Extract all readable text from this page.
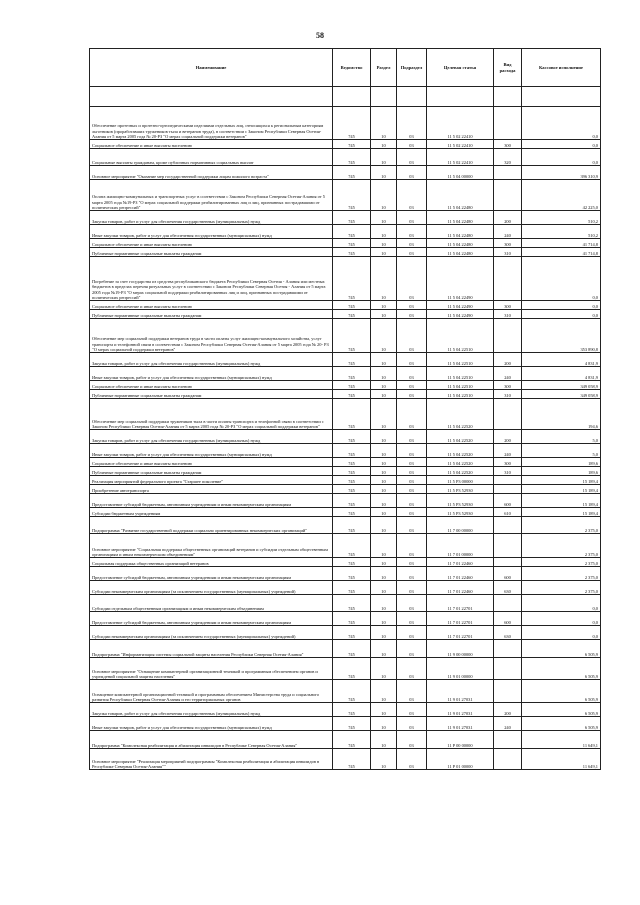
58
Наименование	Ведомство	Раздел	Подраздел	Целевая статья	Вид расхода	Кассовое исполнение

Обеспечение протезных и протезно-ортопедическими изделиями отдельных лиц, относящихся к региональным категориям льготников (проработавших тружеников тыла и ветеранов труда), в соответствии с Законом Республики Северная Осетия-Алания от 5 марта 2005 года № 20-РЗ "О мерах социальной поддержки ветеранов"	745	10	03	11 5 02 22410		0,0
Социальное обеспечение и иные выплаты населению	745	10	03	11 5 02 22410	300	0,0
Социальные выплаты гражданам, кроме публичных нормативных социальных выплат	745	10	03	11 5 02 22410	320	0,0
Основное мероприятие "Оказание мер государственной поддержки лицам пожилого возраста"	745	10	03	11 5 04 00000		396 310,9
Оплата жилищно-коммунальных и транспортных услуг в соответствии с Законом Республики Северная Осетия-Алания от 5 марта 2005 года №19-РЗ "О мерах социальной поддержки реабилитированных лиц и лиц, признанных пострадавшими от политических репрессий"	745	10	03	11 5 04 22480		42 225,0
Закупка товаров, работ и услуг для обеспечения государственных (муниципальных) нужд	745	10	03	11 5 04 22480	200	510,2
Иные закупки товаров, работ и услуг для обеспечения государственных (муниципальных) нужд	745	10	03	11 5 04 22480	240	510,2
Социальное обеспечение и иные выплаты населению	745	10	03	11 5 04 22480	300	41 714,8
Публичные нормативные социальные выплаты гражданам	745	10	03	11 5 04 22480	310	41 714,8
Погребение за счет государства из средства республиканского бюджета Республики Северная Осетия - Алания или местных бюджетов в пределах перечня ритуальных услуг в соответствии с Законом Республики Северная Осетия - Алания от 5 марта 2005 года №19-РЗ "О мерах социальной поддержки реабилитированных лиц и лиц, признанных пострадавшими от политических репрессий"	745	10	03	11 5 04 22490		0,0
Социальное обеспечение и иные выплаты населению	745	10	03	11 5 04 22490	300	0,0
Публичные нормативные социальные выплаты гражданам	745	10	03	11 5 04 22490	310	0,0
Обеспечение мер социальной поддержки ветеранов труда в части оплаты услуг жилищно-коммунального хозяйства, услуг транспорта и телефонной связи в соответствии с Законом Республики Северная Осетия-Алания от 5 марта 2005 года № 20- РЗ "О мерах социальной поддержки ветеранов"	745	10	03	11 5 04 22510		353 890,8
Закупка товаров, работ и услуг для обеспечения государственных (муниципальных) нужд	745	10	03	11 5 04 22510	200	4 831,9
Иные закупки товаров, работ и услуг для обеспечения государственных (муниципальных) нужд	745	10	03	11 5 04 22510	240	4 831,9
Социальное обеспечение и иные выплаты населению	745	10	03	11 5 04 22510	300	349 058,9
Публичные нормативные социальные выплаты гражданам	745	10	03	11 5 04 22510	310	349 058,9
Обеспечение мер социальной поддержки тружеников тыла в части оплаты транспорта и телефонной связи в соответствии с Законом Республики Северная Осетия-Алания от 5 марта 2005 года № 20-РЗ "О мерах социальной поддержки ветеранов"	745	10	03	11 5 04 22520		194,6
Закупка товаров, работ и услуг для обеспечения государственных (муниципальных) нужд	745	10	03	11 5 04 22520	200	5,0
Иные закупки товаров, работ и услуг для обеспечения государственных (муниципальных) нужд	745	10	03	11 5 04 22520	240	5,0
Социальное обеспечение и иные выплаты населению	745	10	03	11 5 04 22520	300	189,6
Публичные нормативные социальные выплаты гражданам	745	10	03	11 5 04 22520	310	189,6
Реализация мероприятий федерального проекта "Старшее поколение"	745	10	03	11 5 P3 00000		15 189,4
Приобретение автотранспорта	745	10	03	11 5 P3 52930		15 189,4
Предоставление субсидий бюджетным, автономным учреждениям и иным некоммерческим организациям	745	10	03	11 5 P3 52930	600	15 189,4
Субсидии бюджетным учреждениям	745	10	03	11 5 P3 52930	610	15 189,4
Подпрограмма "Развитие государственной поддержки социально ориентированных некоммерческих организаций"	745	10	03	11 7 00 00000		2 375,0
Основное мероприятие "Социальная поддержка общественных организаций ветеранов и субсидии отдельным общественным организациям и иным некоммерческим объединениям"	745	10	03	11 7 01 00000		2 375,0
Социальная поддержка общественных организаций ветеранов	745	10	03	11 7 01 22460		2 375,0
Предоставление субсидий бюджетным, автономным учреждениям и иным некоммерческим организациям	745	10	03	11 7 01 22460	600	2 375,0
Субсидии некоммерческим организациям (за исключением государственных (муниципальных) учреждений)	745	10	03	11 7 01 22460	630	2 375,0
Субсидии отдельным общественным организациям и иным некоммерческим объединениям	745	10	03	11 7 01 22701		0,0
Предоставление субсидий бюджетным, автономным учреждениям и иным некоммерческим организациям	745	10	03	11 7 01 22701	600	0,0
Субсидии некоммерческим организациям (за исключением государственных (муниципальных) учреждений)	745	10	03	11 7 01 22701	630	0,0
Подпрограмма "Информатизация системы социальной защиты населения Республики Северная Осетия-Алания"	745	10	03	11 9 00 00000		6 505,9
Основное мероприятие "Оснащение компьютерной организационной техникой и программным обеспечением органов и учреждений социальной защиты населения"	745	10	03	11 9 01 00000		6 505,9
Оснащение компьютерной организационной техникой и программным обеспечением Министерства труда и социального развития Республики Северная Осетия-Алания и его территориальных органов	745	10	03	11 9 01 27031		6 505,9
Закупка товаров, работ и услуг для обеспечения государственных (муниципальных) нужд	745	10	03	11 9 01 27031	200	6 505,9
Иные закупки товаров, работ и услуг для обеспечения государственных (муниципальных) нужд	745	10	03	11 9 01 27031	240	6 505,9
Подпрограмма "Комплексная реабилитация и абилитация инвалидов в Республике Северная Осетия-Алания"	745	10	03	11 P 00 00000		11 649,1
Основное мероприятие "Реализация мероприятий подпрограммы "Комплексная реабилитация и абилитация инвалидов в Республике Северная Осетия-Алания""	745	10	03	11 P 01 00000		11 649,1
